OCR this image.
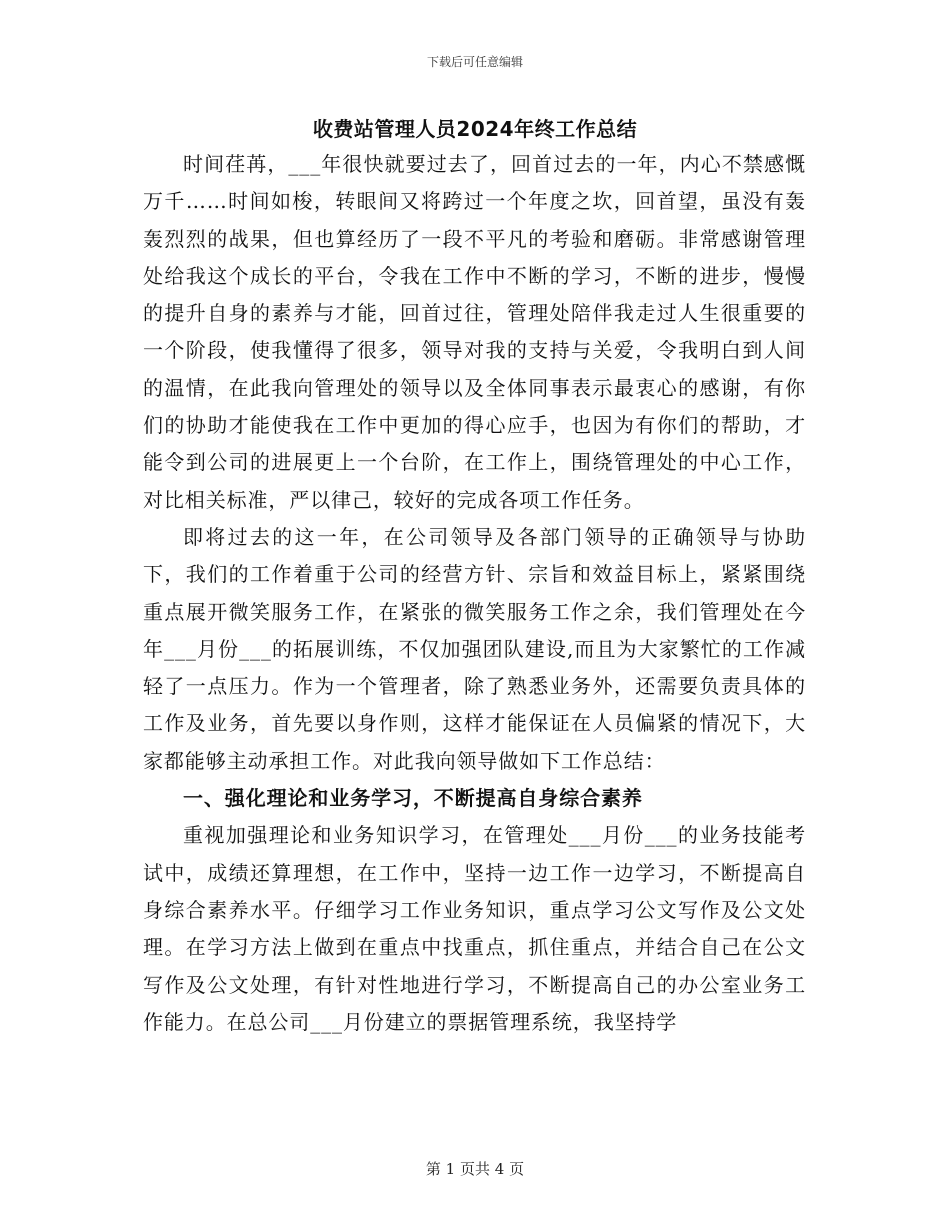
下载后可任意编辑
收费站管理人员2024年终工作总结

时间荏苒，___年很快就要过去了，回首过去的一年，内心不禁感慨万千……时间如梭，转眼间又将跨过一个年度之坎，回首望，虽没有轰轰烈烈的战果，但也算经历了一段不平凡的考验和磨砺。非常感谢管理处给我这个成长的平台，令我在工作中不断的学习，不断的进步，慢慢的提升自身的素养与才能，回首过往，管理处陪伴我走过人生很重要的一个阶段，使我懂得了很多，领导对我的支持与关爱，令我明白到人间的温情，在此我向管理处的领导以及全体同事表示最衷心的感谢，有你们的协助才能使我在工作中更加的得心应手，也因为有你们的帮助，才能令到公司的进展更上一个台阶，在工作上，围绕管理处的中心工作，对比相关标准，严以律己，较好的完成各项工作任务。

即将过去的这一年，在公司领导及各部门领导的正确领导与协助下，我们的工作着重于公司的经营方针、宗旨和效益目标上，紧紧围绕重点展开微笑服务工作，在紧张的微笑服务工作之余，我们管理处在今年___月份___的拓展训练，不仅加强团队建设,而且为大家繁忙的工作减轻了一点压力。作为一个管理者，除了熟悉业务外，还需要负责具体的工作及业务，首先要以身作则，这样才能保证在人员偏紧的情况下，大家都能够主动承担工作。对此我向领导做如下工作总结：

一、强化理论和业务学习，不断提高自身综合素养

重视加强理论和业务知识学习，在管理处___月份___的业务技能考试中，成绩还算理想，在工作中，坚持一边工作一边学习，不断提高自身综合素养水平。仔细学习工作业务知识，重点学习公文写作及公文处理。在学习方法上做到在重点中找重点，抓住重点，并结合自己在公文写作及公文处理，有针对性地进行学习，不断提高自己的办公室业务工作能力。在总公司___月份建立的票据管理系统，我坚持学

第 1 页共 4 页
